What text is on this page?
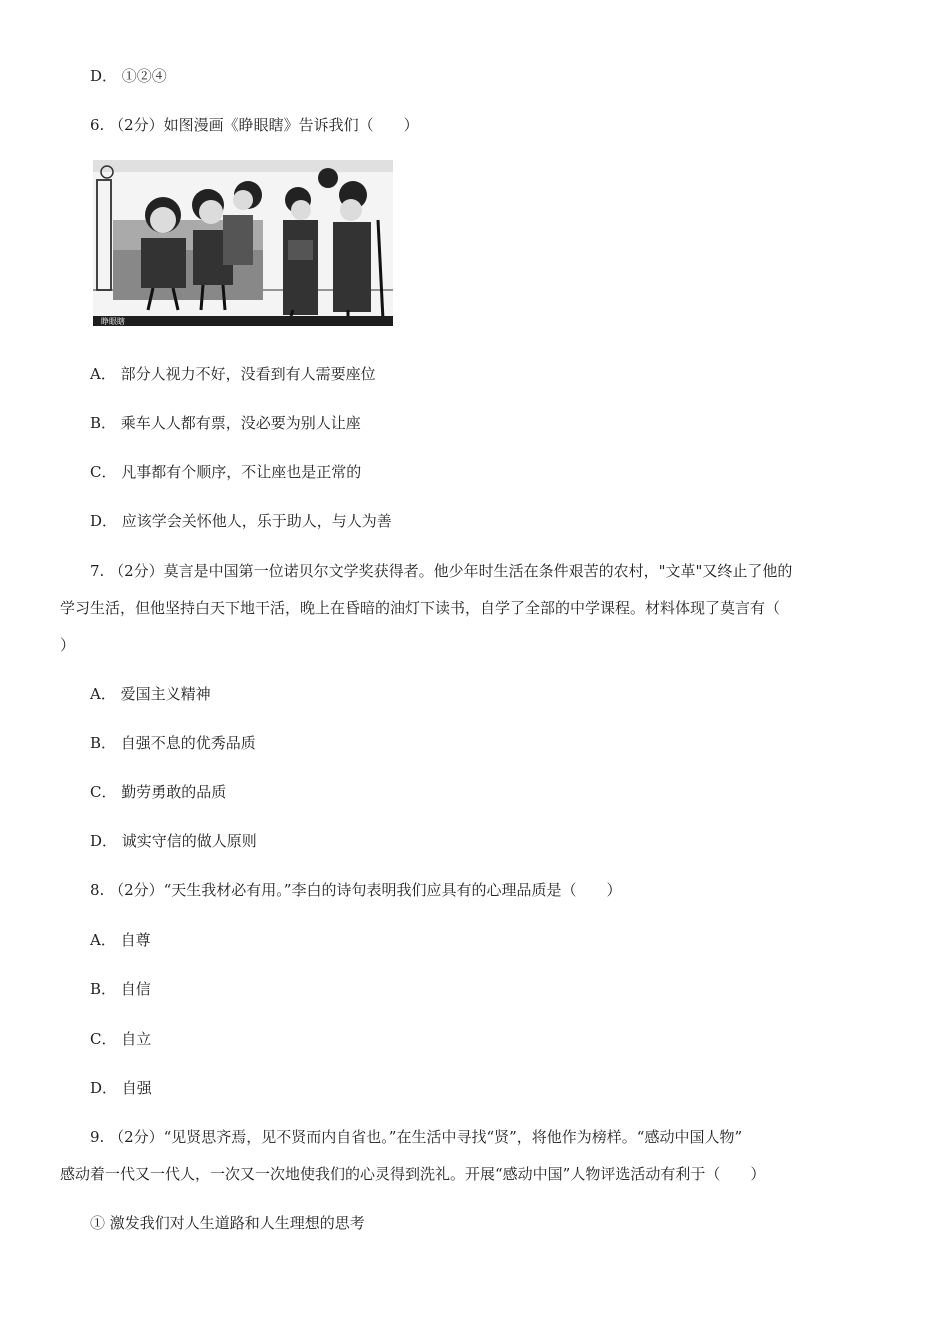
D． ①②④
6. （2分）如图漫画《睁眼瞎》告诉我们（　　）
睁眼瞎
A． 部分人视力不好，没看到有人需要座位
B． 乘车人人都有票，没必要为别人让座
C． 凡事都有个顺序，不让座也是正常的
D． 应该学会关怀他人，乐于助人，与人为善
7. （2分）莫言是中国第一位诺贝尔文学奖获得者。他少年时生活在条件艰苦的农村，"文革"又终止了他的
学习生活，但他坚持白天下地干活，晚上在昏暗的油灯下读书，自学了全部的中学课程。材料体现了莫言有（
）
A． 爱国主义精神
B． 自强不息的优秀品质
C． 勤劳勇敢的品质
D． 诚实守信的做人原则
8. （2分）“天生我材必有用。”李白的诗句表明我们应具有的心理品质是（　　）
A． 自尊
B． 自信
C． 自立
D． 自强
9. （2分）“见贤思齐焉，见不贤而内自省也。”在生活中寻找“贤”，将他作为榜样。“感动中国人物”
感动着一代又一代人，一次又一次地使我们的心灵得到洗礼。开展“感动中国”人物评选活动有利于（　　）
① 激发我们对人生道路和人生理想的思考
